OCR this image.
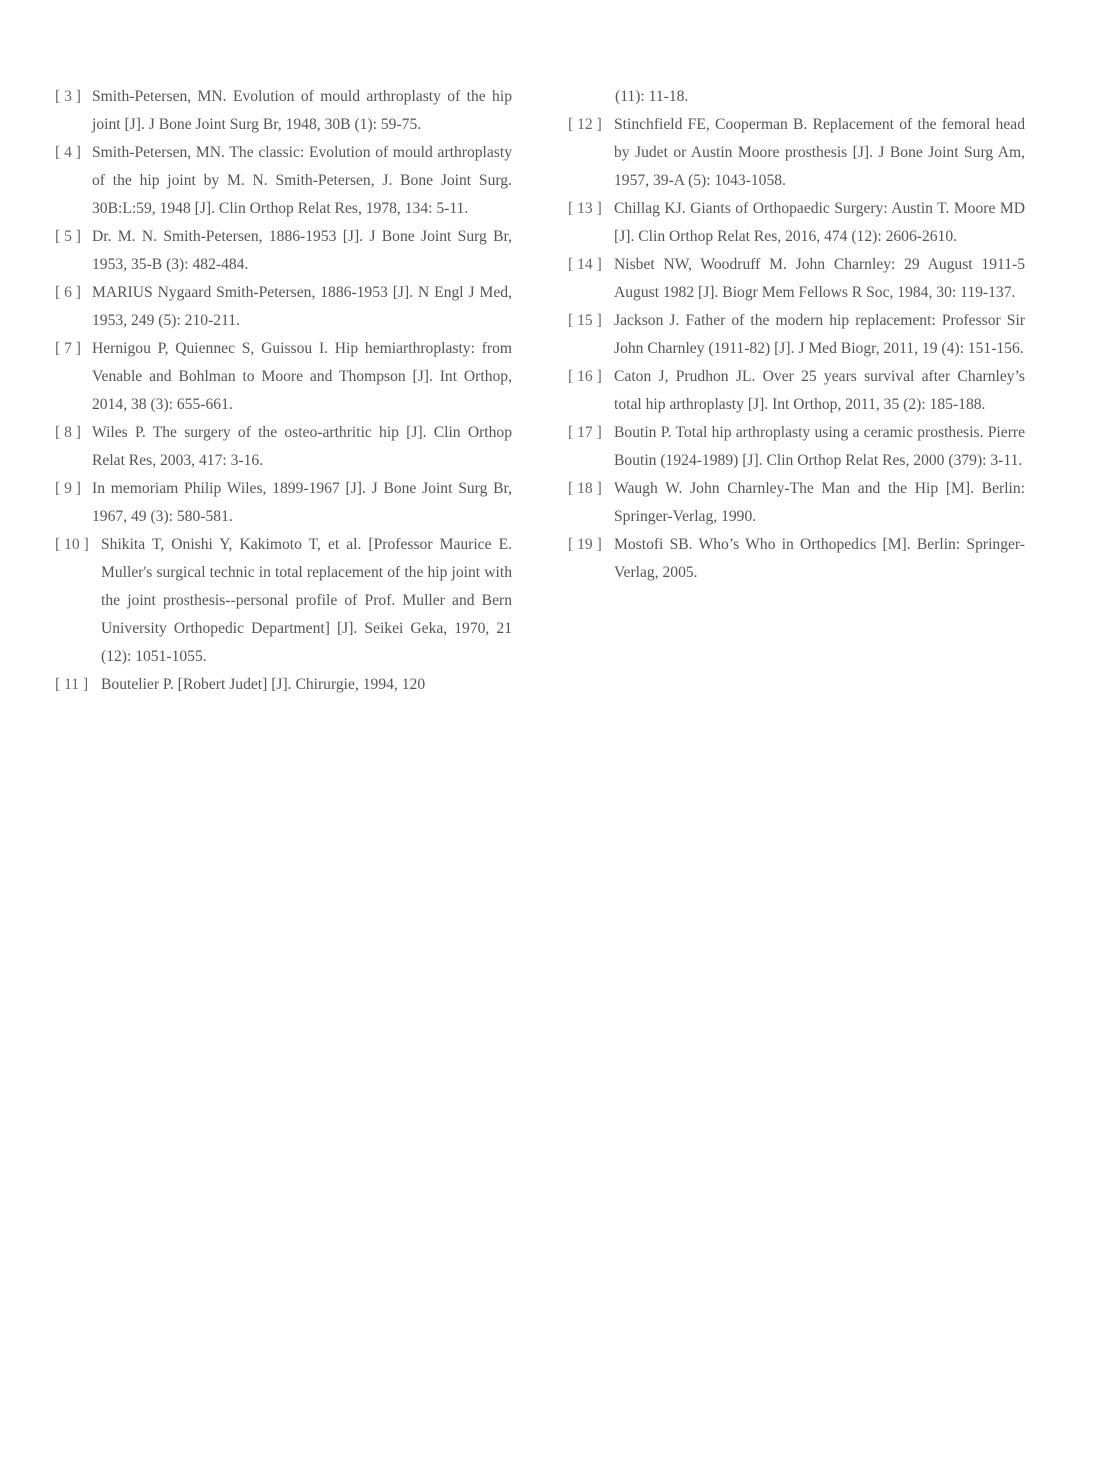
[ 3 ] Smith-Petersen, MN. Evolution of mould arthroplasty of the hip joint [J]. J Bone Joint Surg Br, 1948, 30B (1): 59-75.
[ 4 ] Smith-Petersen, MN. The classic: Evolution of mould arthroplasty of the hip joint by M. N. Smith-Petersen, J. Bone Joint Surg. 30B:L:59, 1948 [J]. Clin Orthop Relat Res, 1978, 134: 5-11.
[ 5 ] Dr. M. N. Smith-Petersen, 1886-1953 [J]. J Bone Joint Surg Br, 1953, 35-B (3): 482-484.
[ 6 ] MARIUS Nygaard Smith-Petersen, 1886-1953 [J]. N Engl J Med, 1953, 249 (5): 210-211.
[ 7 ] Hernigou P, Quiennec S, Guissou I. Hip hemiarthroplasty: from Venable and Bohlman to Moore and Thompson [J]. Int Orthop, 2014, 38 (3): 655-661.
[ 8 ] Wiles P. The surgery of the osteo-arthritic hip [J]. Clin Orthop Relat Res, 2003, 417: 3-16.
[ 9 ] In memoriam Philip Wiles, 1899-1967 [J]. J Bone Joint Surg Br, 1967, 49 (3): 580-581.
[ 10 ] Shikita T, Onishi Y, Kakimoto T, et al. [Professor Maurice E. Muller's surgical technic in total replacement of the hip joint with the joint prosthesis--personal profile of Prof. Muller and Bern University Orthopedic Department] [J]. Seikei Geka, 1970, 21 (12): 1051-1055.
[ 11 ] Boutelier P. [Robert Judet] [J]. Chirurgie, 1994, 120
(11): 11-18.
[ 12 ] Stinchfield FE, Cooperman B. Replacement of the femoral head by Judet or Austin Moore prosthesis [J]. J Bone Joint Surg Am, 1957, 39-A (5): 1043-1058.
[ 13 ] Chillag KJ. Giants of Orthopaedic Surgery: Austin T. Moore MD [J]. Clin Orthop Relat Res, 2016, 474 (12): 2606-2610.
[ 14 ] Nisbet NW, Woodruff M. John Charnley: 29 August 1911-5 August 1982 [J]. Biogr Mem Fellows R Soc, 1984, 30: 119-137.
[ 15 ] Jackson J. Father of the modern hip replacement: Professor Sir John Charnley (1911-82) [J]. J Med Biogr, 2011, 19 (4): 151-156.
[ 16 ] Caton J, Prudhon JL. Over 25 years survival after Charnley’s total hip arthroplasty [J]. Int Orthop, 2011, 35 (2): 185-188.
[ 17 ] Boutin P. Total hip arthroplasty using a ceramic prosthesis. Pierre Boutin (1924-1989) [J]. Clin Orthop Relat Res, 2000 (379): 3-11.
[ 18 ] Waugh W. John Charnley-The Man and the Hip [M]. Berlin: Springer-Verlag, 1990.
[ 19 ] Mostofi SB. Who’s Who in Orthopedics [M]. Berlin: Springer-Verlag, 2005.
